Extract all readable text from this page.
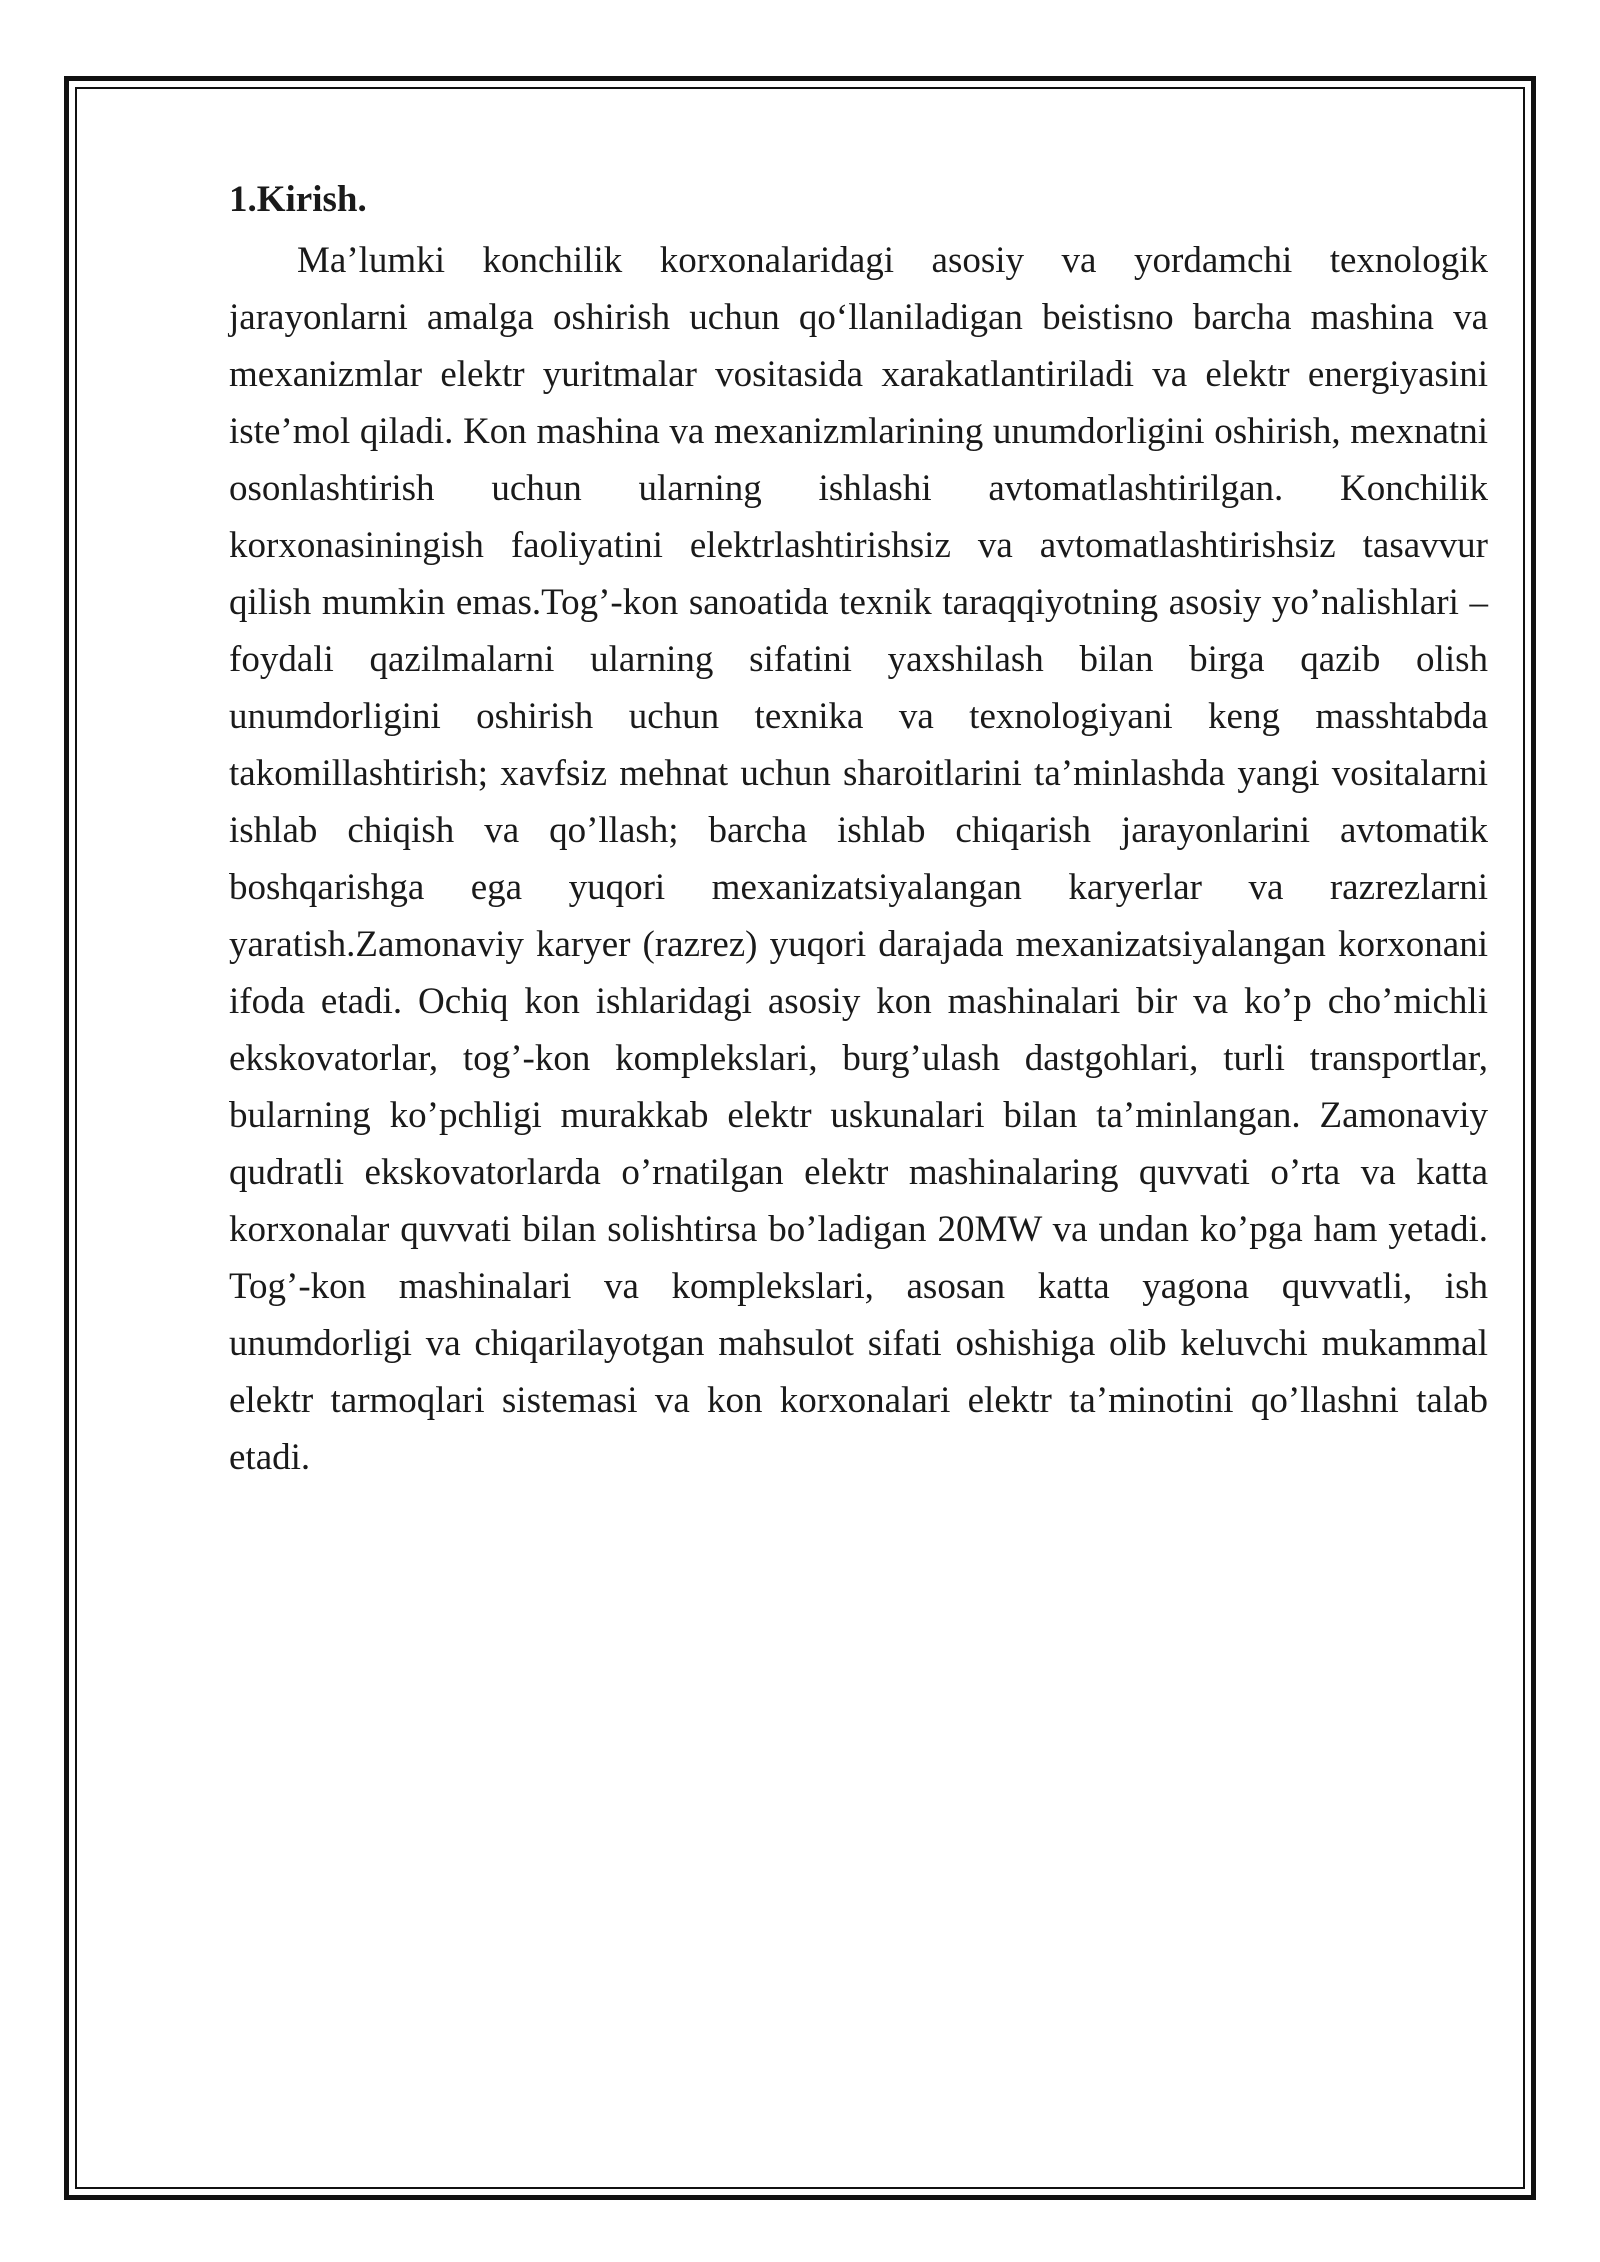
1.Kirish.

Ma’lumki konchilik korxonalaridagi asosiy va yordamchi texnologik jarayonlarni amalga oshirish uchun qo‘llaniladigan beistisno barcha mashina va mexanizmlar elektr yuritmalar vositasida xarakatlantiriladi va elektr energiyasini iste’mol qiladi. Kon mashina va mexanizmlarining unumdorligini oshirish, mexnatni osonlashtirish uchun ularning ishlashi avtomatlashtirilgan. Konchilik korxonasiningish faoliyatini elektrlashtirishsiz va avtomatlashtirishsiz tasavvur qilish mumkin emas.Tog’-kon sanoatida texnik taraqqiyotning asosiy yo’nalishlari – foydali qazilmalarni ularning sifatini yaxshilash bilan birga qazib olish unumdorligini oshirish uchun texnika va texnologiyani keng masshtabda takomillashtirish; xavfsiz mehnat uchun sharoitlarini ta’minlashda yangi vositalarni ishlab chiqish va qo’llash; barcha ishlab chiqarish jarayonlarini avtomatik boshqarishga ega yuqori mexanizatsiyalangan karyerlar va razrezlarni yaratish.Zamonaviy karyer (razrez) yuqori darajada mexanizatsiyalangan korxonani ifoda etadi. Ochiq kon ishlaridagi asosiy kon mashinalari bir va ko’p cho’michli ekskovatorlar, tog’-kon komplekslari, burg’ulash dastgohlari, turli transportlar, bularning ko’pchligi murakkab elektr uskunalari bilan ta’minlangan. Zamonaviy qudratli ekskovatorlarda o’rnatilgan elektr mashinalaring quvvati o’rta va katta korxonalar quvvati bilan solishtirsa bo’ladigan 20MW va undan ko’pga ham yetadi. Tog’-kon mashinalari va komplekslari, asosan katta yagona quvvatli, ish unumdorligi va chiqarilayotgan mahsulot sifati oshishiga olib keluvchi mukammal elektr tarmoqlari sistemasi va kon korxonalari elektr ta’minotini qo’llashni talab etadi.
